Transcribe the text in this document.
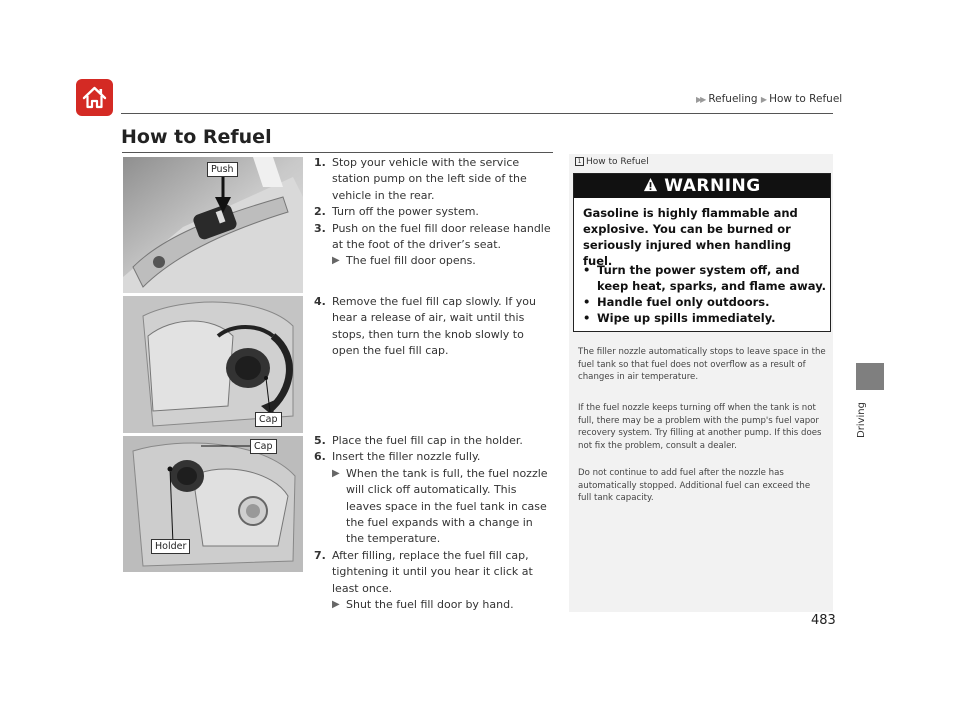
▶▶ Refueling ▶ How to Refuel
Driving
How to Refuel
Push
Cap
Cap
Holder
1. Stop your vehicle with the service station pump on the left side of the vehicle in the rear.
2. Turn off the power system.
3. Push on the fuel fill door release handle at the foot of the driver’s seat.
▶ The fuel fill door opens.
4. Remove the fuel fill cap slowly. If you hear a release of air, wait until this stops, then turn the knob slowly to open the fuel fill cap.
5. Place the fuel fill cap in the holder.
6. Insert the filler nozzle fully.
▶ When the tank is full, the fuel nozzle will click off automatically. This leaves space in the fuel tank in case the fuel expands with a change in the temperature.
7. After filling, replace the fuel fill cap, tightening it until you hear it click at least once.
▶ Shut the fuel fill door by hand.
1 How to Refuel
WARNING
Gasoline is highly flammable and explosive. You can be burned or seriously injured when handling fuel.
• Turn the power system off, and keep heat, sparks, and flame away.
• Handle fuel only outdoors.
• Wipe up spills immediately.

The filler nozzle automatically stops to leave space in the fuel tank so that fuel does not overflow as a result of changes in air temperature.

If the fuel nozzle keeps turning off when the tank is not full, there may be a problem with the pump's fuel vapor recovery system. Try filling at another pump. If this does not fix the problem, consult a dealer.

Do not continue to add fuel after the nozzle has automatically stopped. Additional fuel can exceed the full tank capacity.

483
